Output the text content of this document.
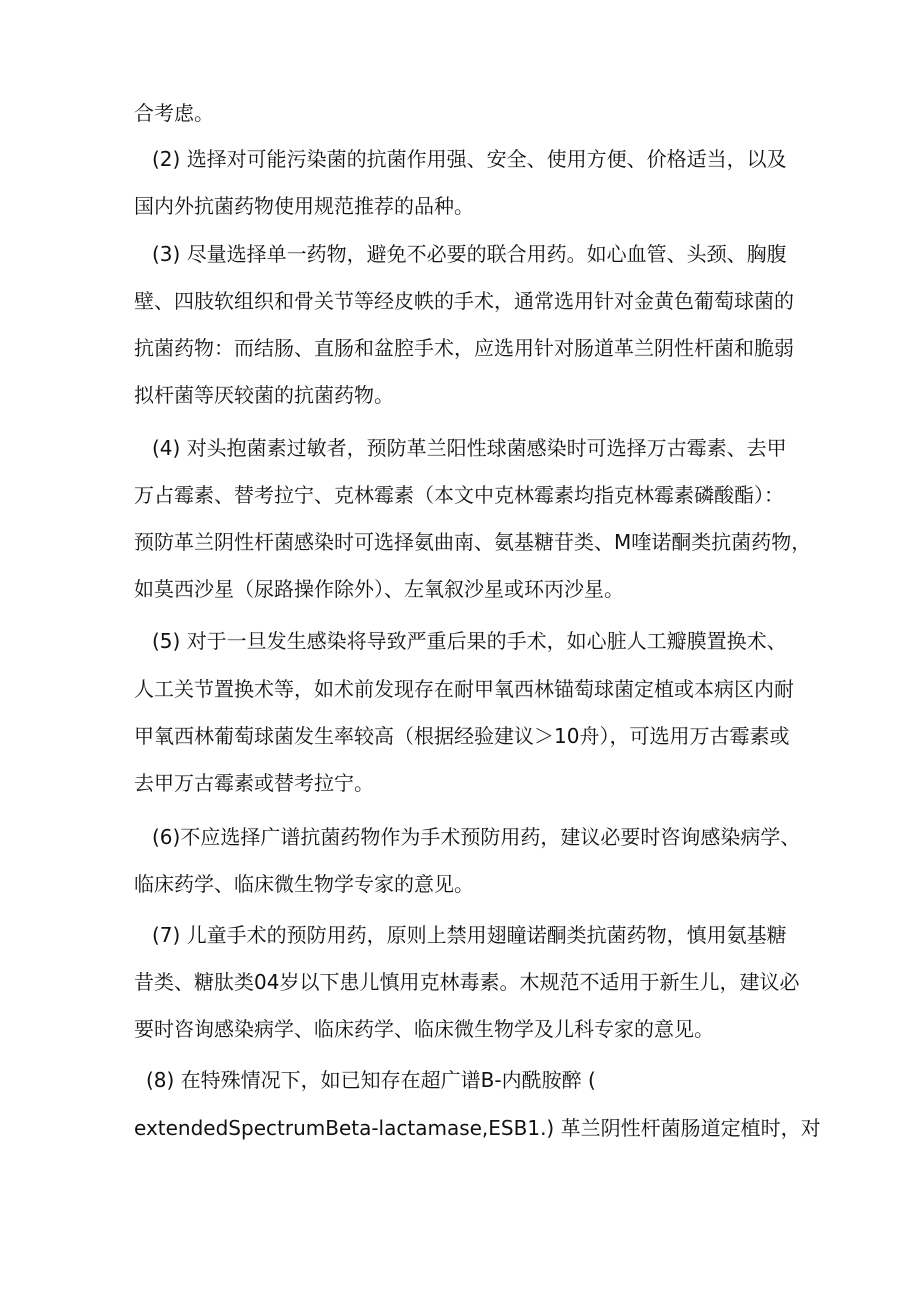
合考虑。
(2) 选择对可能污染菌的抗菌作用强、安全、使用方便、价格适当，以及
国内外抗菌药物使用规范推荐的品种。
(3) 尽量选择单一药物，避免不必要的联合用药。如心血管、头颈、胸腹
壁、四肢软组织和骨关节等经皮帙的手术，通常选用针对金黄色葡萄球菌的
抗菌药物：而结肠、直肠和盆腔手术，应选用针对肠道革兰阴性杆菌和脆弱
拟杆菌等厌较菌的抗菌药物。
(4) 对头抱菌素过敏者，预防革兰阳性球菌感染时可选择万古霉素、去甲
万占霉素、替考拉宁、克林霉素（本文中克林霉素均指克林霉素磷酸酯）：
预防革兰阴性杆菌感染时可选择氨曲南、氨基糖苷类、M喹诺酮类抗菌药物，
如莫西沙星（尿路操作除外）、左氧叙沙星或环丙沙星。
(5) 对于一旦发生感染将导致严重后果的手术，如心脏人工瓣膜置换术、
人工关节置换术等，如术前发现存在耐甲氧西林锚萄球菌定植或本病区内耐
甲氧西林葡萄球菌发生率较高（根据经验建议＞10舟），可选用万古霉素或
去甲万古霉素或替考拉宁。
(6)不应选择广谱抗菌药物作为手术预防用药，建议必要时咨询感染病学、
临床药学、临床微生物学专家的意见。
(7) 儿童手术的预防用药，原则上禁用翅瞳诺酮类抗菌药物，慎用氨基糖
昔类、糖肽类04岁以下患儿慎用克林毒素。木规范不适用于新生儿，建议必
要时咨询感染病学、临床药学、临床微生物学及儿科专家的意见。
(8) 在特殊情况下，如已知存在超广谱B-内酰胺醉 (
extendedSpectrumBeta-lactamase,ESB1.) 革兰阴性杆菌肠道定植时，对
